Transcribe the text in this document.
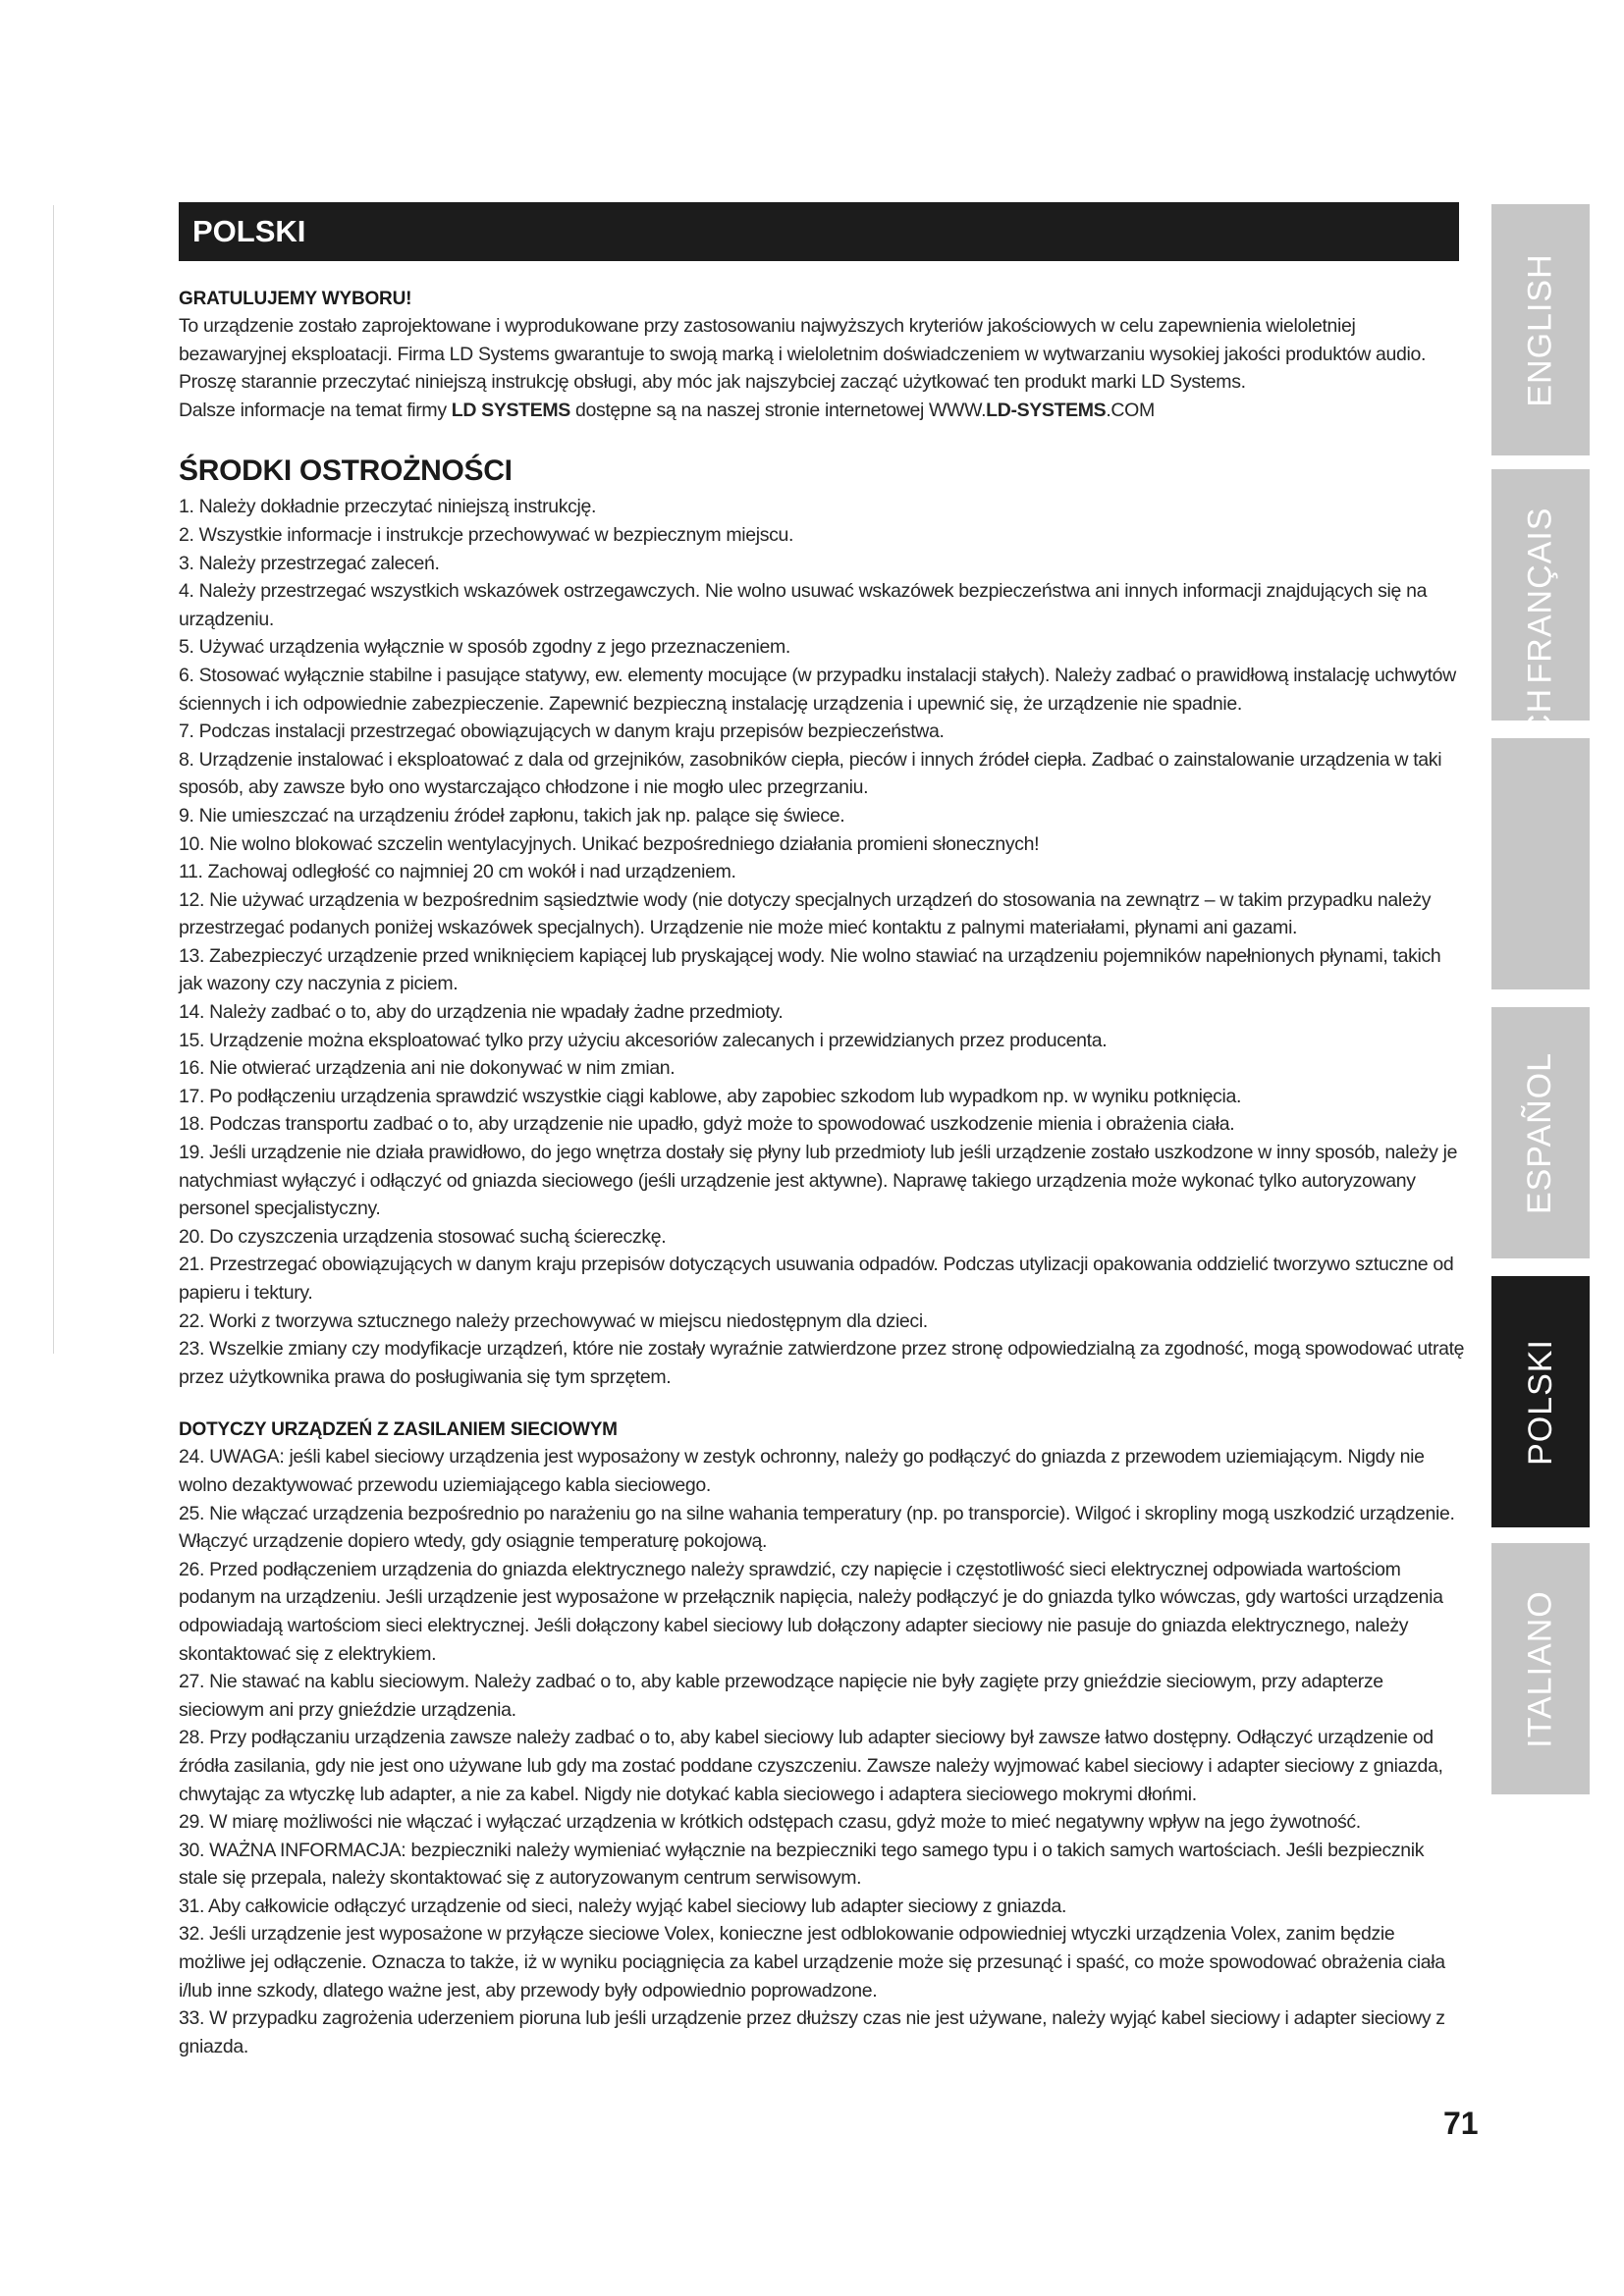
POLSKI

GRATULUJEMY WYBORU!

To urządzenie zostało zaprojektowane i wyprodukowane przy zastosowaniu najwyższych kryteriów jakościowych w celu zapewnienia wieloletniej bezawaryjnej eksploatacji. Firma LD Systems gwarantuje to swoją marką i wieloletnim doświadczeniem w wytwarzaniu wysokiej jakości produktów audio. Proszę starannie przeczytać niniejszą instrukcję obsługi, aby móc jak najszybciej zacząć użytkować ten produkt marki LD Systems.

Dalsze informacje na temat firmy LD SYSTEMS dostępne są na naszej stronie internetowej WWW.LD-SYSTEMS.COM

ŚRODKI OSTROŻNOŚCI
1. Należy dokładnie przeczytać niniejszą instrukcję.
2. Wszystkie informacje i instrukcje przechowywać w bezpiecznym miejscu.
3. Należy przestrzegać zaleceń.
4. Należy przestrzegać wszystkich wskazówek ostrzegawczych. Nie wolno usuwać wskazówek bezpieczeństwa ani innych informacji znajdujących się na urządzeniu.
5. Używać urządzenia wyłącznie w sposób zgodny z jego przeznaczeniem.
6. Stosować wyłącznie stabilne i pasujące statywy, ew. elementy mocujące (w przypadku instalacji stałych). Należy zadbać o prawidłową instalację uchwytów ściennych i ich odpowiednie zabezpieczenie. Zapewnić bezpieczną instalację urządzenia i upewnić się, że urządzenie nie spadnie.
7. Podczas instalacji przestrzegać obowiązujących w danym kraju przepisów bezpieczeństwa.
8. Urządzenie instalować i eksploatować z dala od grzejników, zasobników ciepła, pieców i innych źródeł ciepła. Zadbać o zainstalowanie urządzenia w taki sposób, aby zawsze było ono wystarczająco chłodzone i nie mogło ulec przegrzaniu.
9. Nie umieszczać na urządzeniu źródeł zapłonu, takich jak np. palące się świece.
10. Nie wolno blokować szczelin wentylacyjnych. Unikać bezpośredniego działania promieni słonecznych!
11. Zachowaj odległość co najmniej 20 cm wokół i nad urządzeniem.
12. Nie używać urządzenia w bezpośrednim sąsiedztwie wody (nie dotyczy specjalnych urządzeń do stosowania na zewnątrz – w takim przypadku należy przestrzegać podanych poniżej wskazówek specjalnych). Urządzenie nie może mieć kontaktu z palnymi materiałami, płynami ani gazami.
13. Zabezpieczyć urządzenie przed wniknięciem kapiącej lub pryskającej wody. Nie wolno stawiać na urządzeniu pojemników napełnionych płynami, takich jak wazony czy naczynia z piciem.
14. Należy zadbać o to, aby do urządzenia nie wpadały żadne przedmioty.
15. Urządzenie można eksploatować tylko przy użyciu akcesoriów zalecanych i przewidzianych przez producenta.
16. Nie otwierać urządzenia ani nie dokonywać w nim zmian.
17. Po podłączeniu urządzenia sprawdzić wszystkie ciągi kablowe, aby zapobiec szkodom lub wypadkom np. w wyniku potknięcia.
18. Podczas transportu zadbać o to, aby urządzenie nie upadło, gdyż może to spowodować uszkodzenie mienia i obrażenia ciała.
19. Jeśli urządzenie nie działa prawidłowo, do jego wnętrza dostały się płyny lub przedmioty lub jeśli urządzenie zostało uszkodzone w inny sposób, należy je natychmiast wyłączyć i odłączyć od gniazda sieciowego (jeśli urządzenie jest aktywne). Naprawę takiego urządzenia może wykonać tylko autoryzowany personel specjalistyczny.
20. Do czyszczenia urządzenia stosować suchą ściereczkę.
21. Przestrzegać obowiązujących w danym kraju przepisów dotyczących usuwania odpadów. Podczas utylizacji opakowania oddzielić tworzywo sztuczne od papieru i tektury.
22. Worki z tworzywa sztucznego należy przechowywać w miejscu niedostępnym dla dzieci.
23. Wszelkie zmiany czy modyfikacje urządzeń, które nie zostały wyraźnie zatwierdzone przez stronę odpowiedzialną za zgodność, mogą spowodować utratę przez użytkownika prawa do posługiwania się tym sprzętem.

DOTYCZY URZĄDZEŃ Z ZASILANIEM SIECIOWYM

24. UWAGA: jeśli kabel sieciowy urządzenia jest wyposażony w zestyk ochronny, należy go podłączyć do gniazda z przewodem uziemiającym. Nigdy nie wolno dezaktywować przewodu uziemiającego kabla sieciowego.
25. Nie włączać urządzenia bezpośrednio po narażeniu go na silne wahania temperatury (np. po transporcie). Wilgoć i skropliny mogą uszkodzić urządzenie. Włączyć urządzenie dopiero wtedy, gdy osiągnie temperaturę pokojową.
26. Przed podłączeniem urządzenia do gniazda elektrycznego należy sprawdzić, czy napięcie i częstotliwość sieci elektrycznej odpowiada wartościom podanym na urządzeniu. Jeśli urządzenie jest wyposażone w przełącznik napięcia, należy podłączyć je do gniazda tylko wówczas, gdy wartości urządzenia odpowiadają wartościom sieci elektrycznej. Jeśli dołączony kabel sieciowy lub dołączony adapter sieciowy nie pasuje do gniazda elektrycznego, należy skontaktować się z elektrykiem.
27. Nie stawać na kablu sieciowym. Należy zadbać o to, aby kable przewodzące napięcie nie były zagięte przy gnieździe sieciowym, przy adapterze sieciowym ani przy gnieździe urządzenia.
28. Przy podłączaniu urządzenia zawsze należy zadbać o to, aby kabel sieciowy lub adapter sieciowy był zawsze łatwo dostępny. Odłączyć urządzenie od źródła zasilania, gdy nie jest ono używane lub gdy ma zostać poddane czyszczeniu. Zawsze należy wyjmować kabel sieciowy i adapter sieciowy z gniazda, chwytając za wtyczkę lub adapter, a nie za kabel. Nigdy nie dotykać kabla sieciowego i adaptera sieciowego mokrymi dłońmi.
29. W miarę możliwości nie włączać i wyłączać urządzenia w krótkich odstępach czasu, gdyż może to mieć negatywny wpływ na jego żywotność.
30. WAŻNA INFORMACJA: bezpieczniki należy wymieniać wyłącznie na bezpieczniki tego samego typu i o takich samych wartościach. Jeśli bezpiecznik stale się przepala, należy skontaktować się z autoryzowanym centrum serwisowym.
31. Aby całkowicie odłączyć urządzenie od sieci, należy wyjąć kabel sieciowy lub adapter sieciowy z gniazda.
32. Jeśli urządzenie jest wyposażone w przyłącze sieciowe Volex, konieczne jest odblokowanie odpowiedniej wtyczki urządzenia Volex, zanim będzie możliwe jej odłączenie. Oznacza to także, iż w wyniku pociągnięcia za kabel urządzenie może się przesunąć i spaść, co może spowodować obrażenia ciała i/lub inne szkody, dlatego ważne jest, aby przewody były odpowiednio poprowadzone.
33. W przypadku zagrożenia uderzeniem pioruna lub jeśli urządzenie przez dłuższy czas nie jest używane, należy wyjąć kabel sieciowy i adapter sieciowy z gniazda.
ENGLISH
FRANÇAIS
ESPAÑOL
POLSKI
ITALIANO
71
